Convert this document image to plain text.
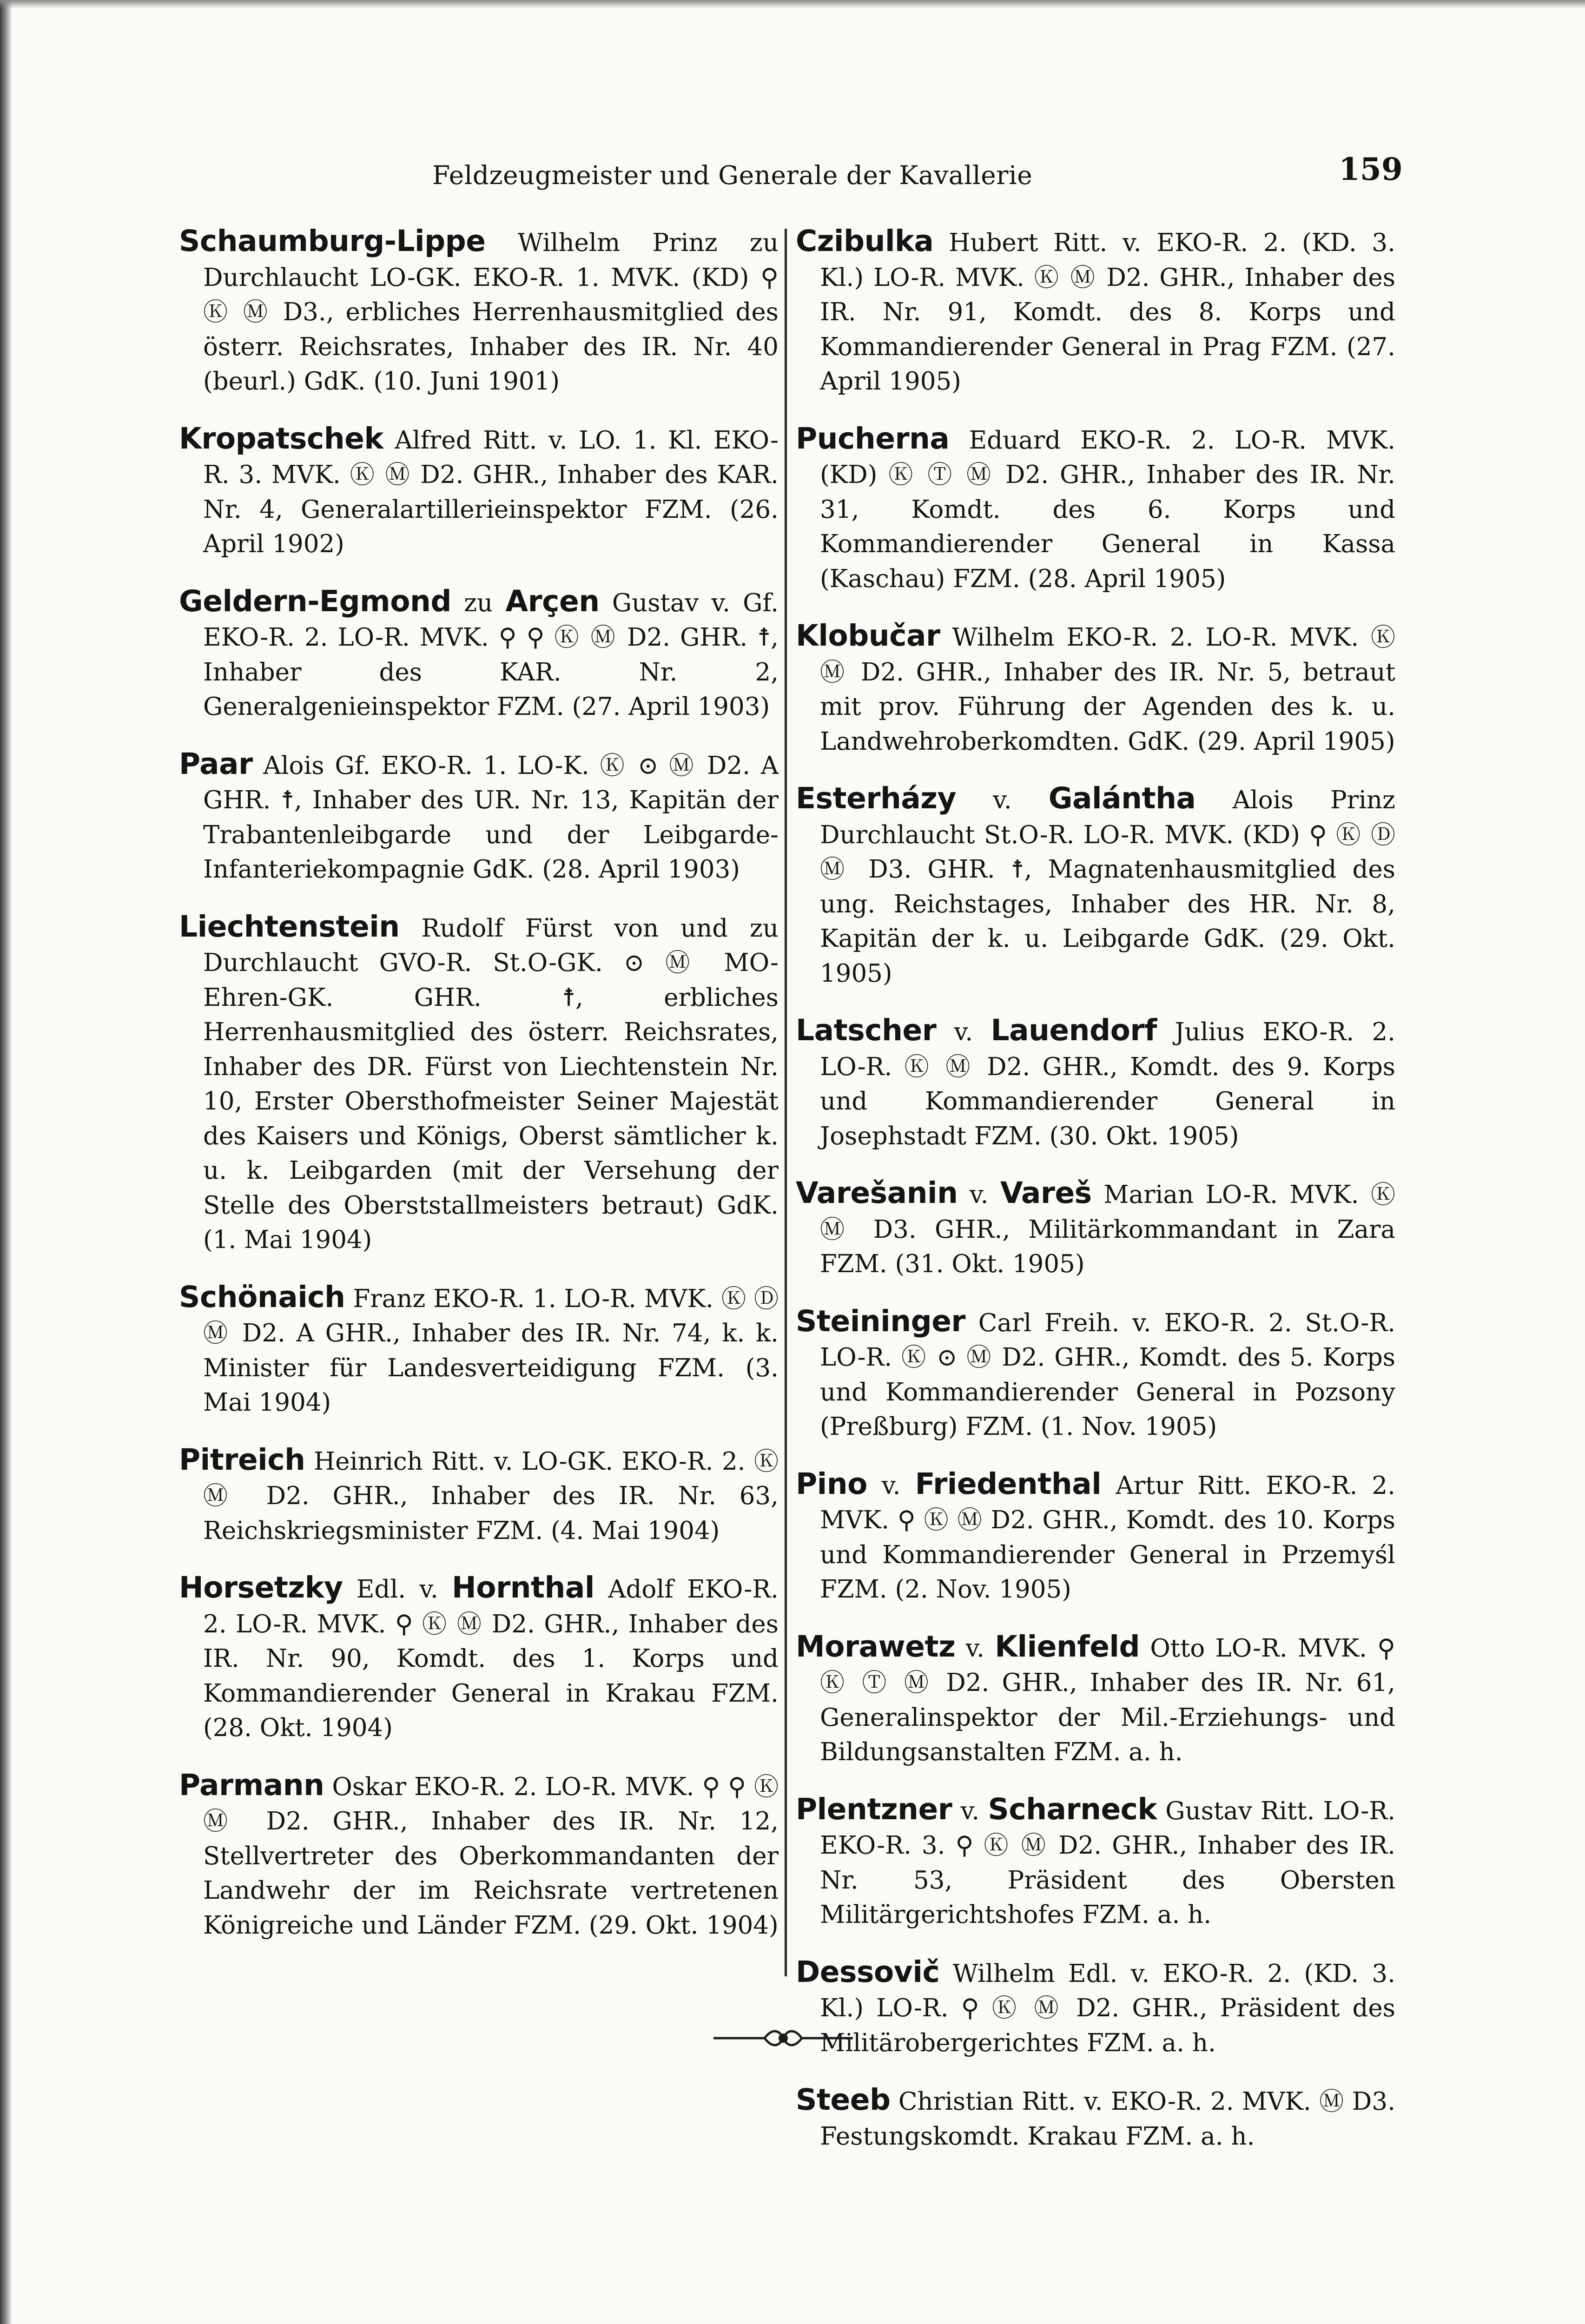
Feldzeugmeister und Generale der Kavallerie	159

Schaumburg-Lippe Wilhelm Prinz zu Durchlaucht LO-GK. EKO-R. 1. MVK. (KD) ⚲ Ⓚ Ⓜ D3., erbliches Herrenhausmitglied des österr. Reichsrates, Inhaber des IR. Nr. 40 (beurl.) GdK. (10. Juni 1901)

Kropatschek Alfred Ritt. v. LO. 1. Kl. EKO-R. 3. MVK. Ⓚ Ⓜ D2. GHR., Inhaber des KAR. Nr. 4, Generalartillerieinspektor FZM. (26. April 1902)

Geldern-Egmond zu Arçen Gustav v. Gf. EKO-R. 2. LO-R. MVK. ⚲ ⚲ Ⓚ Ⓜ D2. GHR. ☨, Inhaber des KAR. Nr. 2, Generalgenieinspektor FZM. (27. April 1903)

Paar Alois Gf. EKO-R. 1. LO-K. Ⓚ ⊙ Ⓜ D2. A GHR. ☨, Inhaber des UR. Nr. 13, Kapitän der Trabantenleibgarde und der Leibgarde-Infanteriekompagnie GdK. (28. April 1903)

Liechtenstein Rudolf Fürst von und zu Durchlaucht GVO-R. St.O-GK. ⊙ Ⓜ MO-Ehren-GK. GHR. ☨, erbliches Herrenhausmitglied des österr. Reichsrates, Inhaber des DR. Fürst von Liechtenstein Nr. 10, Erster Obersthofmeister Seiner Majestät des Kaisers und Königs, Oberst sämtlicher k. u. k. Leibgarden (mit der Versehung der Stelle des Oberststallmeisters betraut) GdK. (1. Mai 1904)

Schönaich Franz EKO-R. 1. LO-R. MVK. Ⓚ Ⓓ Ⓜ D2. A GHR., Inhaber des IR. Nr. 74, k. k. Minister für Landesverteidigung FZM. (3. Mai 1904)

Pitreich Heinrich Ritt. v. LO-GK. EKO-R. 2. Ⓚ Ⓜ D2. GHR., Inhaber des IR. Nr. 63, Reichskriegsminister FZM. (4. Mai 1904)

Horsetzky Edl. v. Hornthal Adolf EKO-R. 2. LO-R. MVK. ⚲ Ⓚ Ⓜ D2. GHR., Inhaber des IR. Nr. 90, Komdt. des 1. Korps und Kommandierender General in Krakau FZM. (28. Okt. 1904)

Parmann Oskar EKO-R. 2. LO-R. MVK. ⚲ ⚲ Ⓚ Ⓜ D2. GHR., Inhaber des IR. Nr. 12, Stellvertreter des Oberkommandanten der Landwehr der im Reichsrate vertretenen Königreiche und Länder FZM. (29. Okt. 1904)

Czibulka Hubert Ritt. v. EKO-R. 2. (KD. 3. Kl.) LO-R. MVK. Ⓚ Ⓜ D2. GHR., Inhaber des IR. Nr. 91, Komdt. des 8. Korps und Kommandierender General in Prag FZM. (27. April 1905)

Pucherna Eduard EKO-R. 2. LO-R. MVK. (KD) Ⓚ Ⓣ Ⓜ D2. GHR., Inhaber des IR. Nr. 31, Komdt. des 6. Korps und Kommandierender General in Kassa (Kaschau) FZM. (28. April 1905)

Klobučar Wilhelm EKO-R. 2. LO-R. MVK. Ⓚ Ⓜ D2. GHR., Inhaber des IR. Nr. 5, betraut mit prov. Führung der Agenden des k. u. Landwehroberkomdten. GdK. (29. April 1905)

Esterházy v. Galántha Alois Prinz Durchlaucht St.O-R. LO-R. MVK. (KD) ⚲ Ⓚ Ⓓ Ⓜ D3. GHR. ☨, Magnatenhausmitglied des ung. Reichstages, Inhaber des HR. Nr. 8, Kapitän der k. u. Leibgarde GdK. (29. Okt. 1905)

Latscher v. Lauendorf Julius EKO-R. 2. LO-R. Ⓚ Ⓜ D2. GHR., Komdt. des 9. Korps und Kommandierender General in Josephstadt FZM. (30. Okt. 1905)

Varešanin v. Vareš Marian LO-R. MVK. Ⓚ Ⓜ D3. GHR., Militärkommandant in Zara FZM. (31. Okt. 1905)

Steininger Carl Freih. v. EKO-R. 2. St.O-R. LO-R. Ⓚ ⊙ Ⓜ D2. GHR., Komdt. des 5. Korps und Kommandierender General in Pozsony (Preßburg) FZM. (1. Nov. 1905)

Pino v. Friedenthal Artur Ritt. EKO-R. 2. MVK. ⚲ Ⓚ Ⓜ D2. GHR., Komdt. des 10. Korps und Kommandierender General in Przemyśl FZM. (2. Nov. 1905)

Morawetz v. Klienfeld Otto LO-R. MVK. ⚲ Ⓚ Ⓣ Ⓜ D2. GHR., Inhaber des IR. Nr. 61, Generalinspektor der Mil.-Erziehungs- und Bildungsanstalten FZM. a. h.

Plentzner v. Scharneck Gustav Ritt. LO-R. EKO-R. 3. ⚲ Ⓚ Ⓜ D2. GHR., Inhaber des IR. Nr. 53, Präsident des Obersten Militärgerichtshofes FZM. a. h.

Dessovič Wilhelm Edl. v. EKO-R. 2. (KD. 3. Kl.) LO-R. ⚲ Ⓚ Ⓜ D2. GHR., Präsident des Militärobergerichtes FZM. a. h.

Steeb Christian Ritt. v. EKO-R. 2. MVK. Ⓜ D3. Festungskomdt. Krakau FZM. a. h.
